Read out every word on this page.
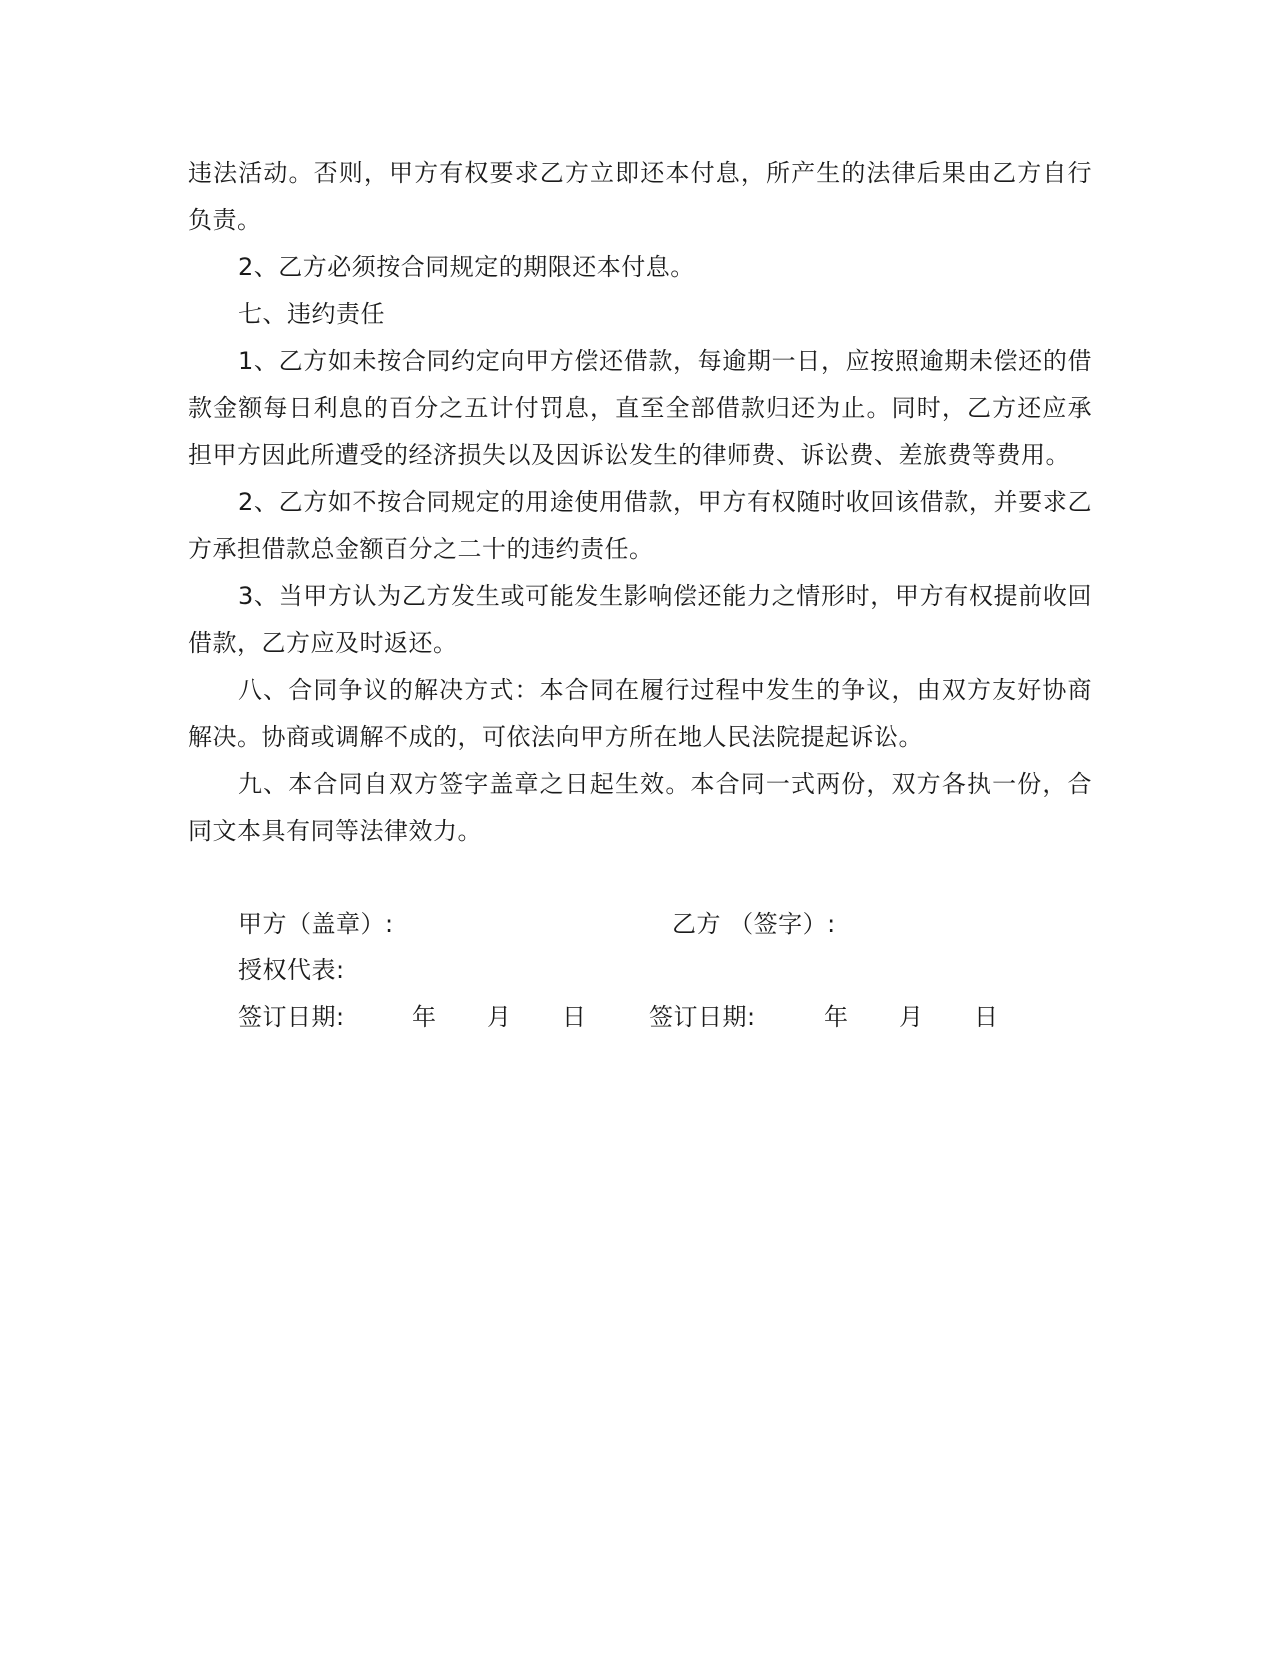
违法活动。否则，甲方有权要求乙方立即还本付息，所产生的法律后果由乙方自行负责。

2、乙方必须按合同规定的期限还本付息。

七、违约责任

1、乙方如未按合同约定向甲方偿还借款，每逾期一日，应按照逾期未偿还的借款金额每日利息的百分之五计付罚息，直至全部借款归还为止。同时，乙方还应承担甲方因此所遭受的经济损失以及因诉讼发生的律师费、诉讼费、差旅费等费用。

2、乙方如不按合同规定的用途使用借款，甲方有权随时收回该借款，并要求乙方承担借款总金额百分之二十的违约责任。

3、当甲方认为乙方发生或可能发生影响偿还能力之情形时，甲方有权提前收回借款，乙方应及时返还。

八、合同争议的解决方式：本合同在履行过程中发生的争议，由双方友好协商解决。协商或调解不成的，可依法向甲方所在地人民法院提起诉讼。

九、本合同自双方签字盖章之日起生效。本合同一式两份，双方各执一份，合同文本具有同等法律效力。

甲方（盖章）:	乙方 （签字）:
授权代表:
签订日期:	年 月 日	签订日期:	年 月 日
